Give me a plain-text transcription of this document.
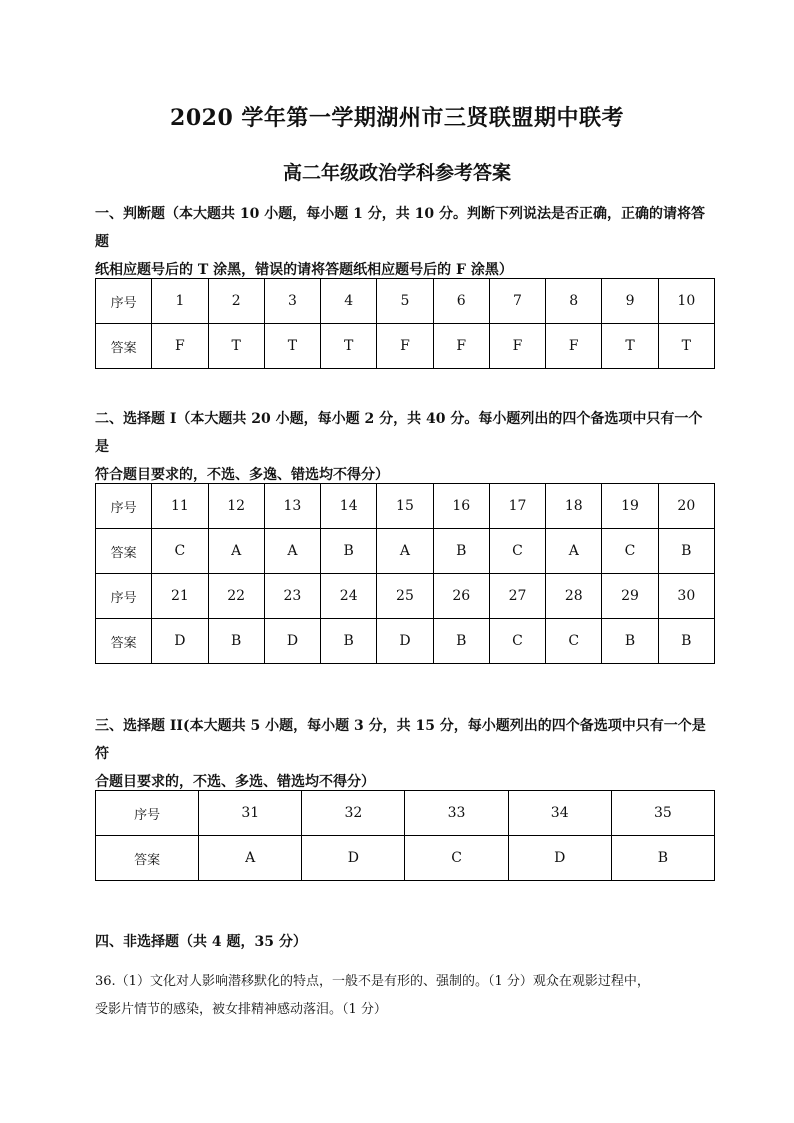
2020 学年第一学期湖州市三贤联盟期中联考
高二年级政治学科参考答案
一、判断题（本大题共 10 小题，每小题 1 分，共 10 分。判断下列说法是否正确，正确的请将答题
纸相应题号后的 T 涂黑，错误的请将答题纸相应题号后的 F 涂黑）
序号	1	2	3	4	5	6	7	8	9	10
答案	F	T	T	T	F	F	F	F	T	T
二、选择题 I（本大题共 20 小题，每小题 2 分，共 40 分。每小题列出的四个备选项中只有一个是
符合题目要求的，不选、多逸、错选均不得分）
序号	11	12	13	14	15	16	17	18	19	20
答案	C	A	A	B	A	B	C	A	C	B
序号	21	22	23	24	25	26	27	28	29	30
答案	D	B	D	B	D	B	C	C	B	B
三、选择题 II(本大题共 5 小题，每小题 3 分，共 15 分，每小题列出的四个备选项中只有一个是符
合题目要求的，不选、多选、错选均不得分）
序号	31	32	33	34	35
答案	A	D	C	D	B
四、非选择题（共 4 题，35 分）
36.（1）文化对人影响潜移默化的特点，一般不是有形的、强制的。（1 分）观众在观影过程中，
受影片情节的感染，被女排精神感动落泪。（1 分）
